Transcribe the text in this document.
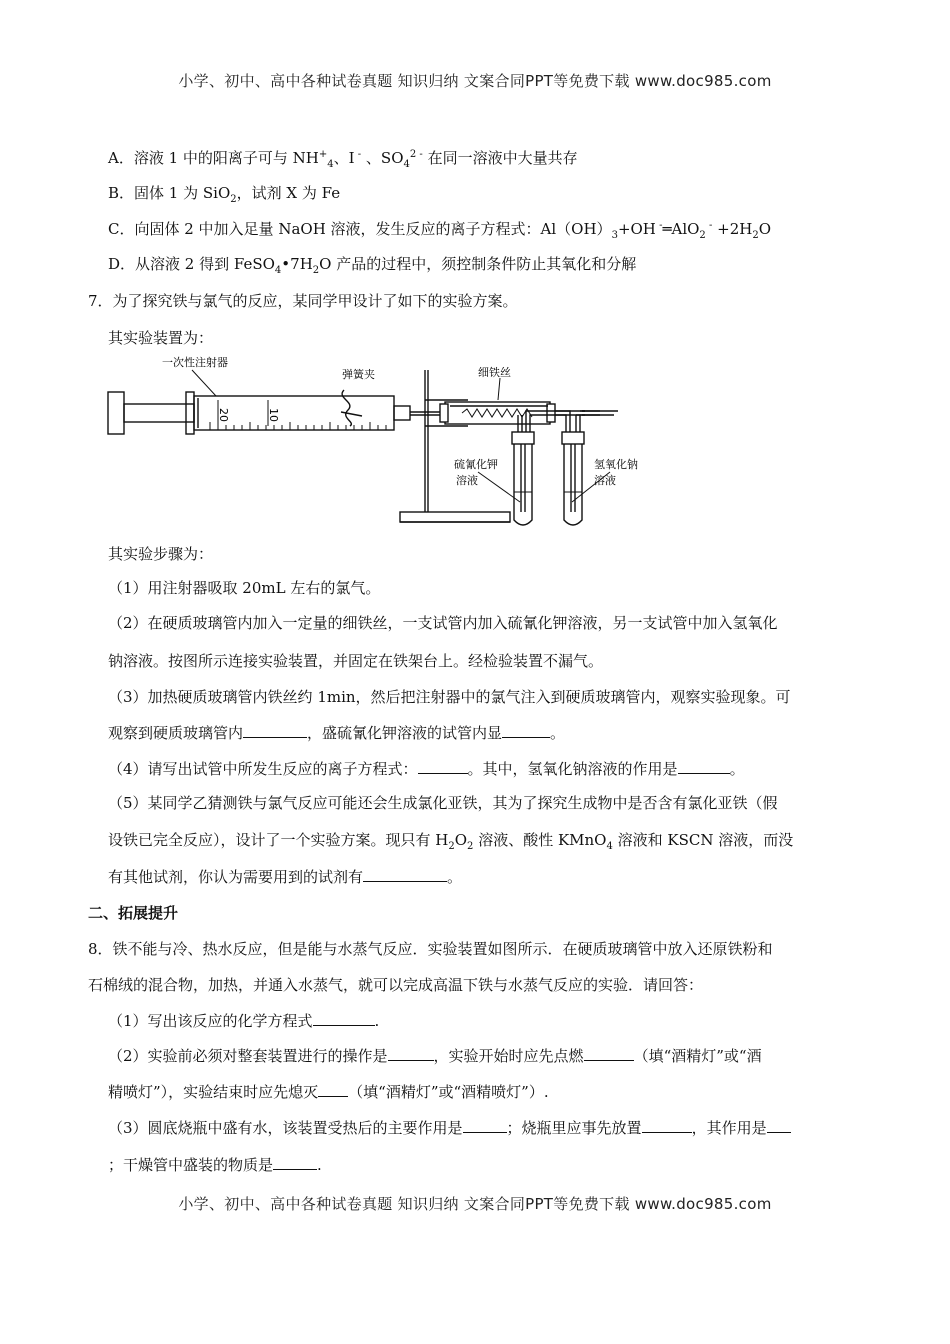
小学、初中、高中各种试卷真题 知识归纳 文案合同PPT等免费下载 www.doc985.com
A．溶液 1 中的阳离子可与 $NH^+_4$、I - 、$SO_4^{2 -}$ 在同一溶液中大量共存
B．固体 1 为 SiO$_2$，试剂 X 为 Fe
C．向固体 2 中加入足量 NaOH 溶液，发生反应的离子方程式：$Al(OH)_3+OH$ -═AlO$_2$ $^- +2H_2O$
D．从溶液 2 得到 $FeSO_4•7H_2O$ 产品的过程中，须控制条件防止其氧化和分解
7．为了探究铁与氯气的反应，某同学甲设计了如下的实验方案。
其实验装置为：
一次性注射器
20	10
弹簧夹	细铁丝
硫氰化钾
溶液
氢氧化钠
溶液
其实验步骤为：
（1）用注射器吸取 20mL 左右的氯气。
（2）在硬质玻璃管内加入一定量的细铁丝，一支试管内加入硫氰化钾溶液，另一支试管中加入氢氧化
钠溶液。按图所示连接实验装置，并固定在铁架台上。经检验装置不漏气。
（3）加热硬质玻璃管内铁丝约 1min，然后把注射器中的氯气注入到硬质玻璃管内，观察实验现象。可
观察到硬质玻璃管内	，盛硫氰化钾溶液的试管内显	。
（4）请写出试管中所发生反应的离子方程式：	。其中，氢氧化钠溶液的作用是	。
（5）某同学乙猜测铁与氯气反应可能还会生成氯化亚铁，其为了探究生成物中是否含有氯化亚铁（假
设铁已完全反应），设计了一个实验方案。现只有 $H_2O_2$ 溶液、酸性 KMnO$_4$ 溶液和 KSCN 溶液，而没
有其他试剂，你认为需要用到的试剂有	。
二、拓展提升
8．铁不能与冷、热水反应，但是能与水蒸气反应．实验装置如图所示．在硬质玻璃管中放入还原铁粉和
石棉绒的混合物，加热，并通入水蒸气，就可以完成高温下铁与水蒸气反应的实验．请回答：
（1）写出该反应的化学方程式	.
（2）实验前必须对整套装置进行的操作是	，实验开始时应先点燃	（填“酒精灯”或“酒
精喷灯”），实验结束时应先熄灭 （填“酒精灯”或“酒精喷灯”）.
（3）圆底烧瓶中盛有水，该装置受热后的主要作用是	；烧瓶里应事先放置	，其作用是
；干燥管中盛装的物质是	.
小学、初中、高中各种试卷真题 知识归纳 文案合同PPT等免费下载 www.doc985.com
